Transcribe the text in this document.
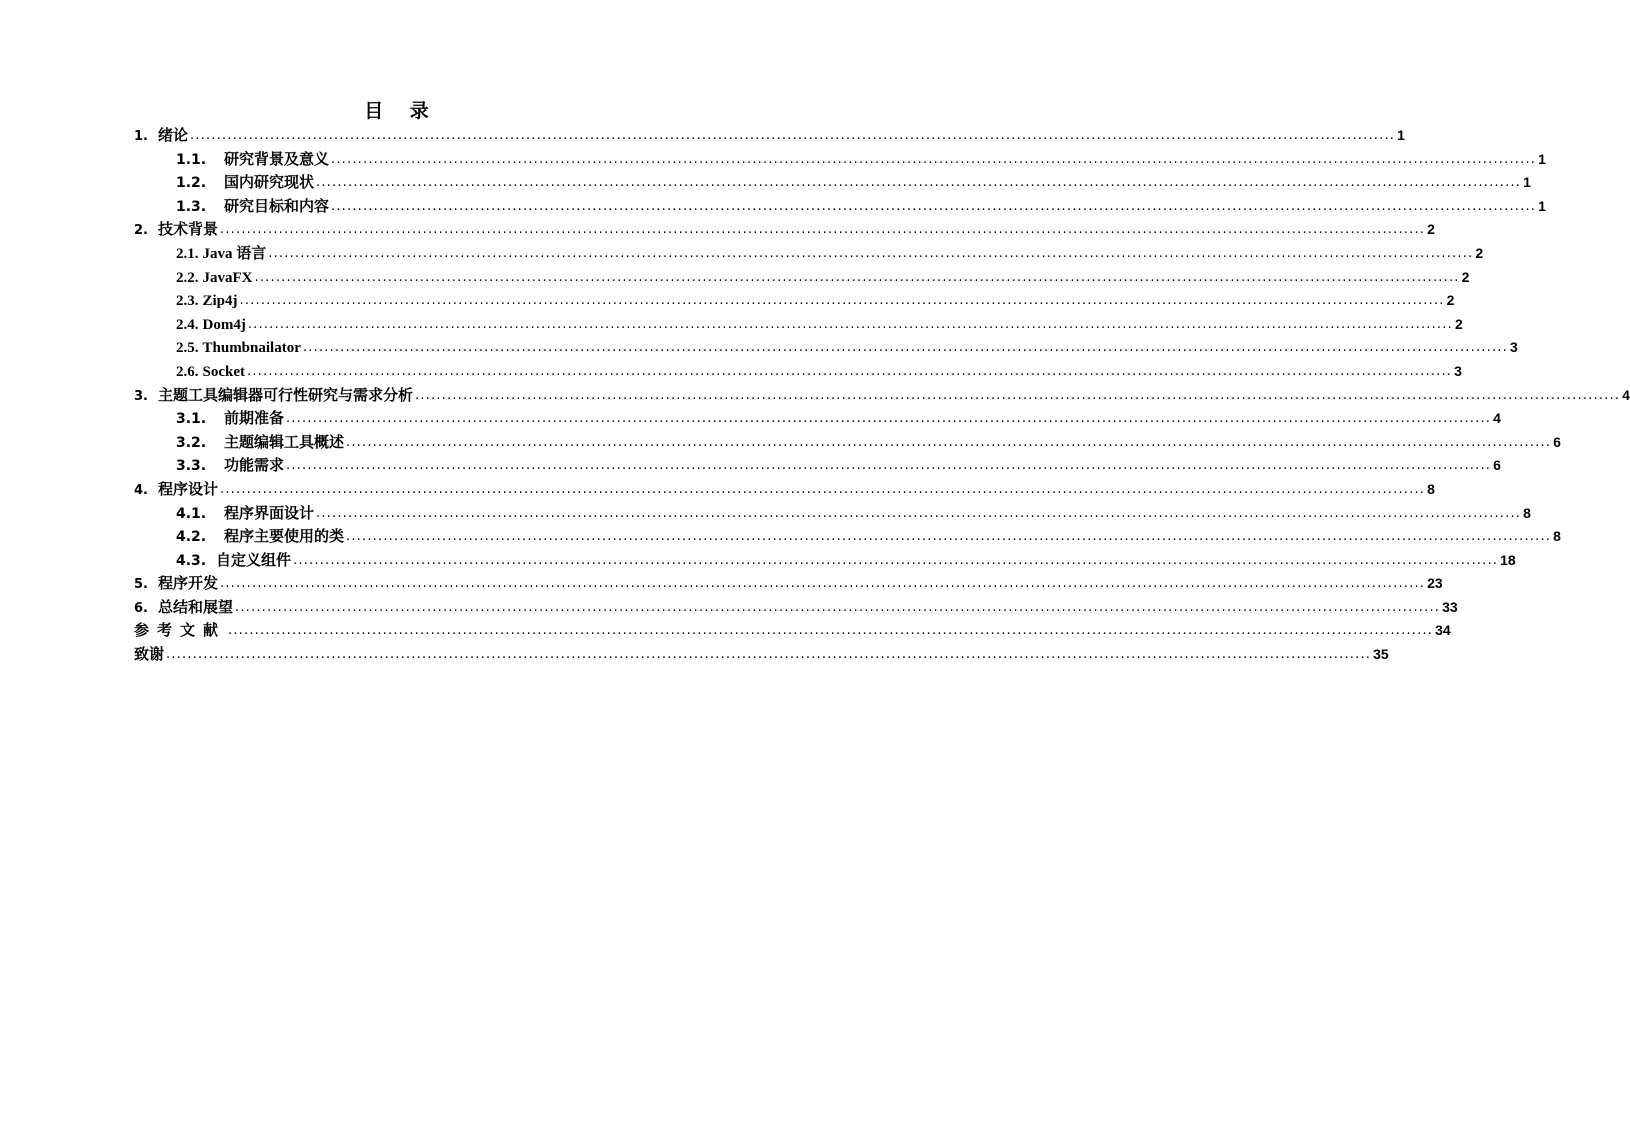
目 录
1. 绪论 .................................................................................................................................................................................................................................. 1
1.1.	研究背景及意义 .................................................................................................................................................................................................................................. 1
1.2.	国内研究现状 .................................................................................................................................................................................................................................. 1
1.3.	研究目标和内容 .................................................................................................................................................................................................................................. 1
2. 技术背景 .................................................................................................................................................................................................................................. 2
2.1. Java 语言 .................................................................................................................................................................................................................................. 2
2.2. JavaFX .................................................................................................................................................................................................................................. 2
2.3. Zip4j .................................................................................................................................................................................................................................. 2
2.4. Dom4j .................................................................................................................................................................................................................................. 2
2.5. Thumbnailator .................................................................................................................................................................................................................................. 3
2.6. Socket .................................................................................................................................................................................................................................. 3
3. 主题工具编辑器可行性研究与需求分析 .................................................................................................................................................................................................................................. 4
3.1.	前期准备 .................................................................................................................................................................................................................................. 4
3.2.	主题编辑工具概述 .................................................................................................................................................................................................................................. 6
3.3.	功能需求 .................................................................................................................................................................................................................................. 6
4. 程序设计 .................................................................................................................................................................................................................................. 8
4.1.	程序界面设计 .................................................................................................................................................................................................................................. 8
4.2.	程序主要使用的类 .................................................................................................................................................................................................................................. 8
4.3. 自定义组件 .................................................................................................................................................................................................................................. 18
5. 程序开发 .................................................................................................................................................................................................................................. 23
6. 总结和展望 .................................................................................................................................................................................................................................. 33
参考文献 .................................................................................................................................................................................................................................. 34
致谢 .................................................................................................................................................................................................................................. 35
